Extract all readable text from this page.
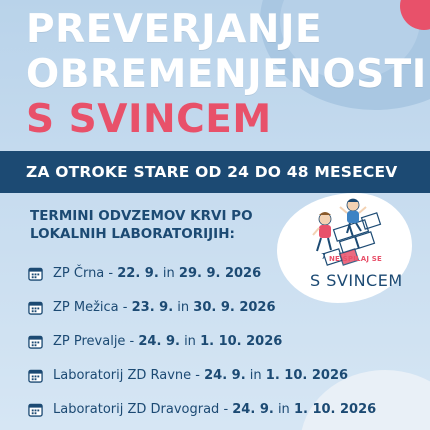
PREVERJANJE
OBREMENJENOSTI
S SVINCEM
ZA OTROKE STARE OD 24 DO 48 MESECEV
TERMINI ODVZEMOV KRVI PO
LOKALNIH LABORATORIJIH:
7 NE ŠPILAJ SE
S SVINCEM
ZP Črna - 22. 9. in 29. 9. 2026
ZP Mežica - 23. 9. in 30. 9. 2026
ZP Prevalje - 24. 9. in 1. 10. 2026
Laboratorij ZD Ravne - 24. 9. in 1. 10. 2026
Laboratorij ZD Dravograd - 24. 9. in 1. 10. 2026
